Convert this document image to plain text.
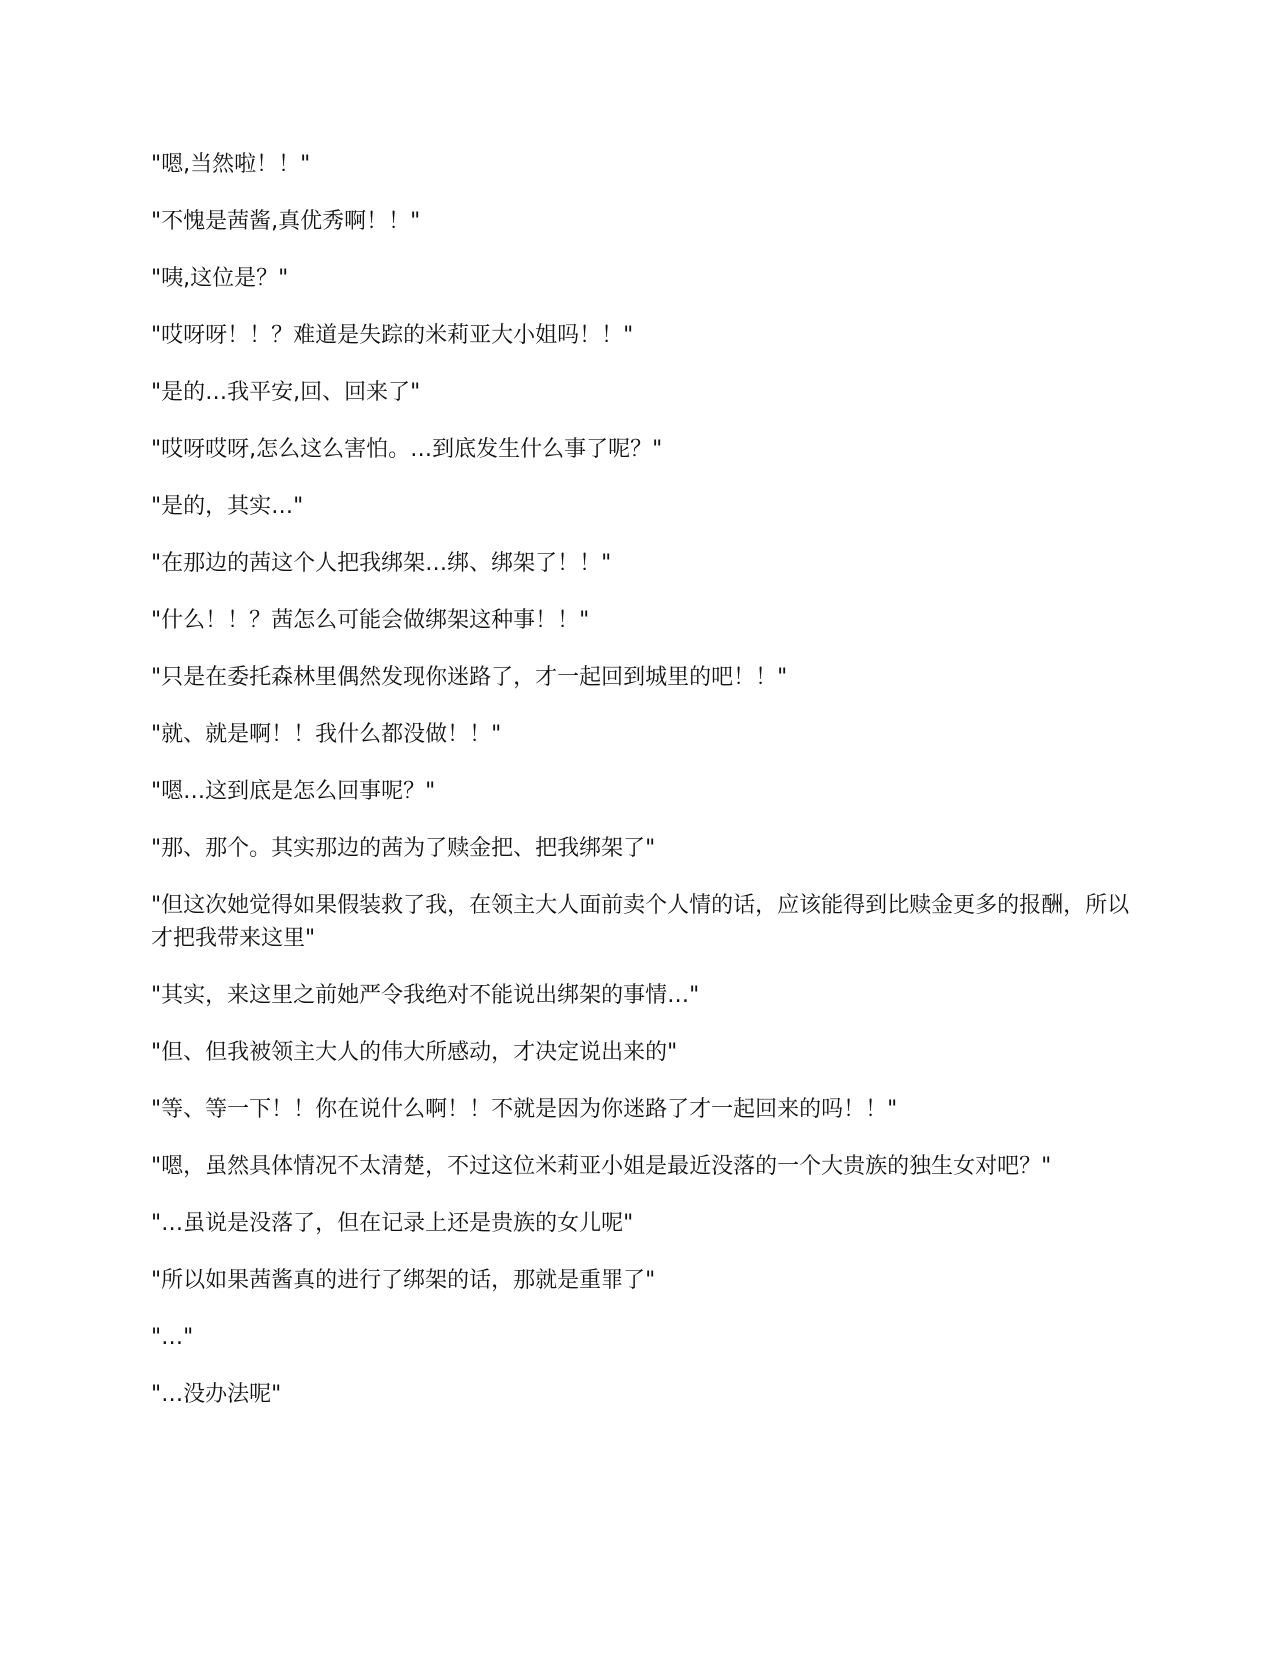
"嗯,当然啦！！"

"不愧是茜酱,真优秀啊！！"

"咦,这位是？"

"哎呀呀！！？难道是失踪的米莉亚大小姐吗！！"

"是的…我平安,回、回来了"

"哎呀哎呀,怎么这么害怕。…到底发生什么事了呢？"

"是的，其实…"

"在那边的茜这个人把我绑架…绑、绑架了！！"

"什么！！？茜怎么可能会做绑架这种事！！"

"只是在委托森林里偶然发现你迷路了，才一起回到城里的吧！！"

"就、就是啊！！我什么都没做！！"

"嗯…这到底是怎么回事呢？"

"那、那个。其实那边的茜为了赎金把、把我绑架了"

"但这次她觉得如果假装救了我，在领主大人面前卖个人情的话，应该能得到比赎金更多的报酬，所以才把我带来这里"

"其实，来这里之前她严令我绝对不能说出绑架的事情…"

"但、但我被领主大人的伟大所感动，才决定说出来的"

"等、等一下！！你在说什么啊！！不就是因为你迷路了才一起回来的吗！！"

"嗯，虽然具体情况不太清楚，不过这位米莉亚小姐是最近没落的一个大贵族的独生女对吧？"

"…虽说是没落了，但在记录上还是贵族的女儿呢"

"所以如果茜酱真的进行了绑架的话，那就是重罪了"

"…"

"…没办法呢"
